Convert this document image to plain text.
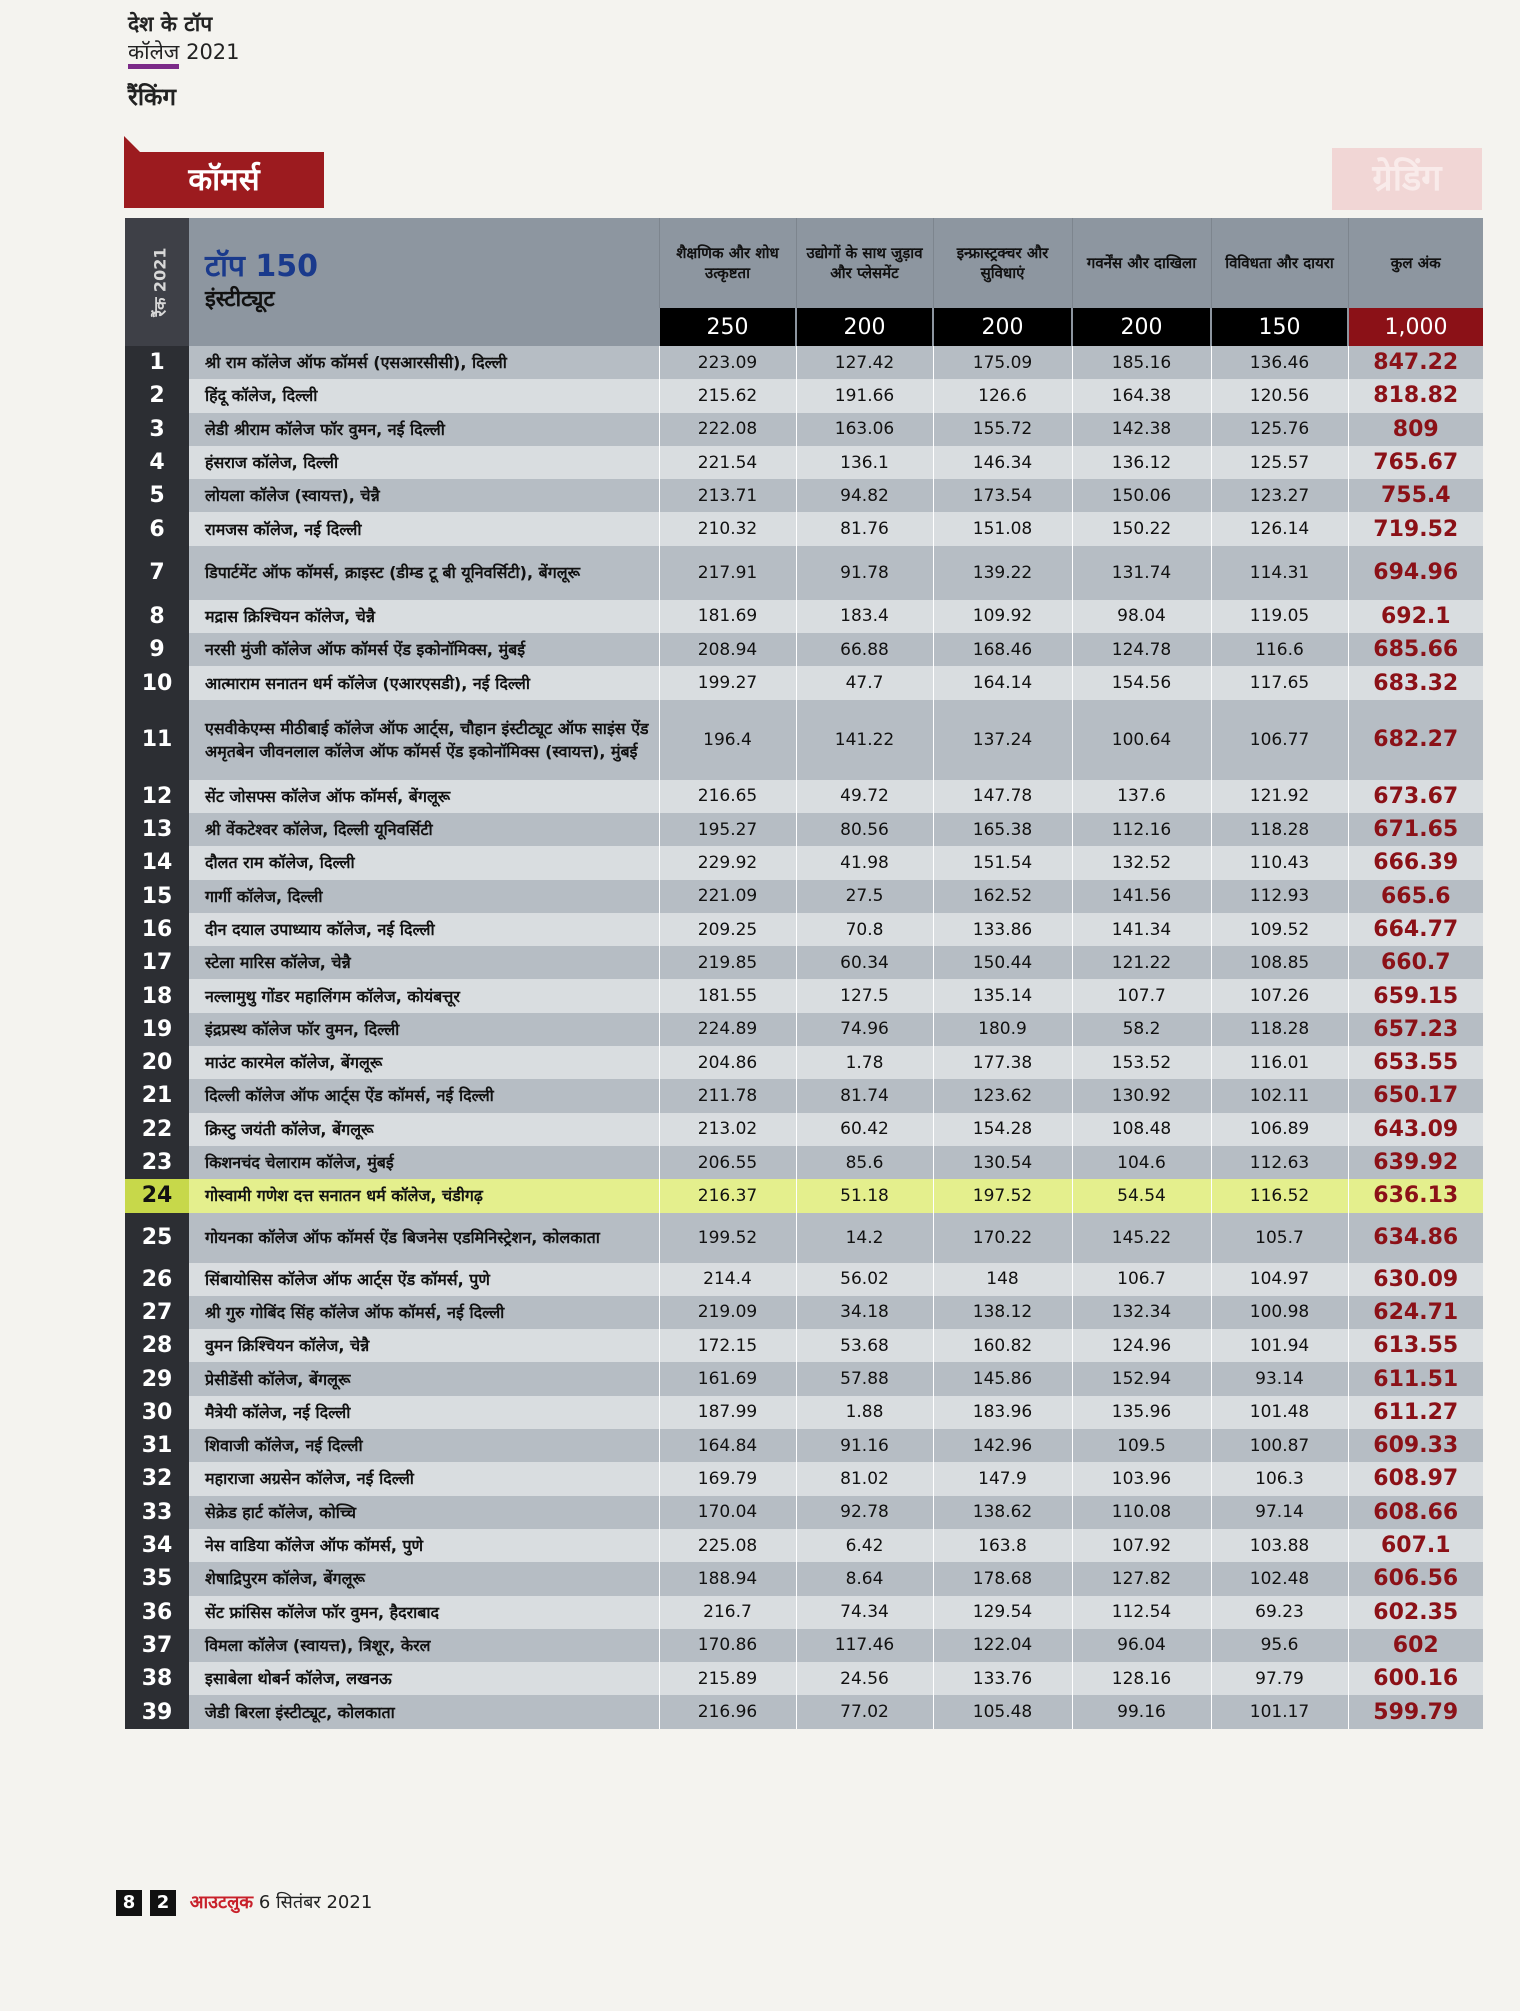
देश के टॉप
कॉलेज 2021
रैंकिंग
कॉमर्स	ग्रेडिंग
रैंक 2021	टॉप 150
इंस्टीट्यूट	शैक्षणिक और शोध उत्कृष्टता	उद्योगों के साथ जुड़ाव और प्लेसमेंट	इन्फ्रास्ट्रक्चर और सुविधाएं	गवर्नेंस और दाखिला	विविधता और दायरा	कुल अंक
		250	200	200	200	150	1,000
1	श्री राम कॉलेज ऑफ कॉमर्स (एसआरसीसी), दिल्ली	223.09	127.42	175.09	185.16	136.46	847.22
2	हिंदू कॉलेज, दिल्ली	215.62	191.66	126.6	164.38	120.56	818.82
3	लेडी श्रीराम कॉलेज फॉर वुमन, नई दिल्ली	222.08	163.06	155.72	142.38	125.76	809
4	हंसराज कॉलेज, दिल्ली	221.54	136.1	146.34	136.12	125.57	765.67
5	लोयला कॉलेज (स्वायत्त), चेन्नै	213.71	94.82	173.54	150.06	123.27	755.4
6	रामजस कॉलेज, नई दिल्ली	210.32	81.76	151.08	150.22	126.14	719.52
7	डिपार्टमेंट ऑफ कॉमर्स, क्राइस्ट (डीम्ड टू बी यूनिवर्सिटी), बेंगलूरू	217.91	91.78	139.22	131.74	114.31	694.96
8	मद्रास क्रिश्चियन कॉलेज, चेन्नै	181.69	183.4	109.92	98.04	119.05	692.1
9	नरसी मुंजी कॉलेज ऑफ कॉमर्स ऐंड इकोनॉमिक्स, मुंबई	208.94	66.88	168.46	124.78	116.6	685.66
10	आत्माराम सनातन धर्म कॉलेज (एआरएसडी), नई दिल्ली	199.27	47.7	164.14	154.56	117.65	683.32
11	एसवीकेएम्स मीठीबाई कॉलेज ऑफ आर्ट्स, चौहान इंस्टीट्यूट ऑफ साइंस ऐंड अमृतबेन जीवनलाल कॉलेज ऑफ कॉमर्स ऐंड इकोनॉमिक्स (स्वायत्त), मुंबई	196.4	141.22	137.24	100.64	106.77	682.27
12	सेंट जोसफ्स कॉलेज ऑफ कॉमर्स, बेंगलूरू	216.65	49.72	147.78	137.6	121.92	673.67
13	श्री वेंकटेश्वर कॉलेज, दिल्ली यूनिवर्सिटी	195.27	80.56	165.38	112.16	118.28	671.65
14	दौलत राम कॉलेज, दिल्ली	229.92	41.98	151.54	132.52	110.43	666.39
15	गार्गी कॉलेज, दिल्ली	221.09	27.5	162.52	141.56	112.93	665.6
16	दीन दयाल उपाध्याय कॉलेज, नई दिल्ली	209.25	70.8	133.86	141.34	109.52	664.77
17	स्टेला मारिस कॉलेज, चेन्नै	219.85	60.34	150.44	121.22	108.85	660.7
18	नल्लामुथु गोंडर महालिंगम कॉलेज, कोयंबत्तूर	181.55	127.5	135.14	107.7	107.26	659.15
19	इंद्रप्रस्थ कॉलेज फॉर वुमन, दिल्ली	224.89	74.96	180.9	58.2	118.28	657.23
20	माउंट कारमेल कॉलेज, बेंगलूरू	204.86	1.78	177.38	153.52	116.01	653.55
21	दिल्ली कॉलेज ऑफ आर्ट्स ऐंड कॉमर्स, नई दिल्ली	211.78	81.74	123.62	130.92	102.11	650.17
22	क्रिस्टु जयंती कॉलेज, बेंगलूरू	213.02	60.42	154.28	108.48	106.89	643.09
23	किशनचंद चेलाराम कॉलेज, मुंबई	206.55	85.6	130.54	104.6	112.63	639.92
24	गोस्वामी गणेश दत्त सनातन धर्म कॉलेज, चंडीगढ़	216.37	51.18	197.52	54.54	116.52	636.13
25	गोयनका कॉलेज ऑफ कॉमर्स ऐंड बिजनेस एडमिनिस्ट्रेशन, कोलकाता	199.52	14.2	170.22	145.22	105.7	634.86
26	सिंबायोसिस कॉलेज ऑफ आर्ट्स ऐंड कॉमर्स, पुणे	214.4	56.02	148	106.7	104.97	630.09
27	श्री गुरु गोबिंद सिंह कॉलेज ऑफ कॉमर्स, नई दिल्ली	219.09	34.18	138.12	132.34	100.98	624.71
28	वुमन क्रिश्चियन कॉलेज, चेन्नै	172.15	53.68	160.82	124.96	101.94	613.55
29	प्रेसीडेंसी कॉलेज, बेंगलूरू	161.69	57.88	145.86	152.94	93.14	611.51
30	मैत्रेयी कॉलेज, नई दिल्ली	187.99	1.88	183.96	135.96	101.48	611.27
31	शिवाजी कॉलेज, नई दिल्ली	164.84	91.16	142.96	109.5	100.87	609.33
32	महाराजा अग्रसेन कॉलेज, नई दिल्ली	169.79	81.02	147.9	103.96	106.3	608.97
33	सेक्रेड हार्ट कॉलेज, कोच्चि	170.04	92.78	138.62	110.08	97.14	608.66
34	नेस वाडिया कॉलेज ऑफ कॉमर्स, पुणे	225.08	6.42	163.8	107.92	103.88	607.1
35	शेषाद्रिपुरम कॉलेज, बेंगलूरू	188.94	8.64	178.68	127.82	102.48	606.56
36	सेंट फ्रांसिस कॉलेज फॉर वुमन, हैदराबाद	216.7	74.34	129.54	112.54	69.23	602.35
37	विमला कॉलेज (स्वायत्त), त्रिशूर, केरल	170.86	117.46	122.04	96.04	95.6	602
38	इसाबेला थोबर्न कॉलेज, लखनऊ	215.89	24.56	133.76	128.16	97.79	600.16
39	जेडी बिरला इंस्टीट्यूट, कोलकाता	216.96	77.02	105.48	99.16	101.17	599.79
8 2 आउटलुक 6 सितंबर 2021
